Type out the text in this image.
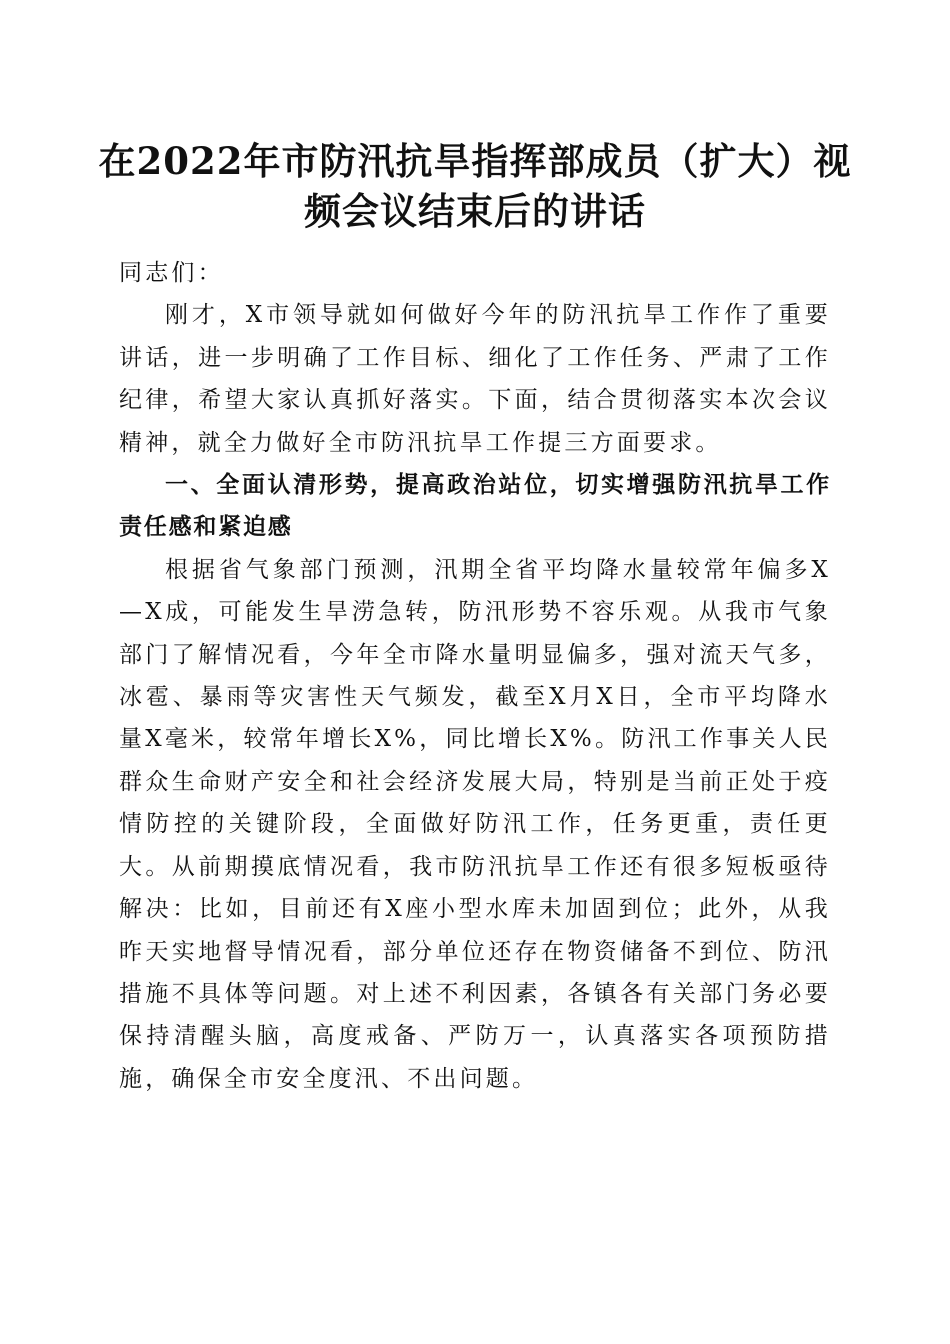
在2022年市防汛抗旱指挥部成员（扩大）视
频会议结束后的讲话

同志们：

刚才，X市领导就如何做好今年的防汛抗旱工作作了重要讲话，进一步明确了工作目标、细化了工作任务、严肃了工作纪律，希望大家认真抓好落实。下面，结合贯彻落实本次会议精神，就全力做好全市防汛抗旱工作提三方面要求。

一、全面认清形势，提高政治站位，切实增强防汛抗旱工作责任感和紧迫感

根据省气象部门预测，汛期全省平均降水量较常年偏多X—X成，可能发生旱涝急转，防汛形势不容乐观。从我市气象部门了解情况看，今年全市降水量明显偏多，强对流天气多，冰雹、暴雨等灾害性天气频发，截至X月X日，全市平均降水量X毫米，较常年增长X%，同比增长X%。防汛工作事关人民群众生命财产安全和社会经济发展大局，特别是当前正处于疫情防控的关键阶段，全面做好防汛工作，任务更重，责任更大。从前期摸底情况看，我市防汛抗旱工作还有很多短板亟待解决：比如，目前还有X座小型水库未加固到位；此外，从我昨天实地督导情况看，部分单位还存在物资储备不到位、防汛措施不具体等问题。对上述不利因素，各镇各有关部门务必要保持清醒头脑，高度戒备、严防万一，认真落实各项预防措施，确保全市安全度汛、不出问题。
